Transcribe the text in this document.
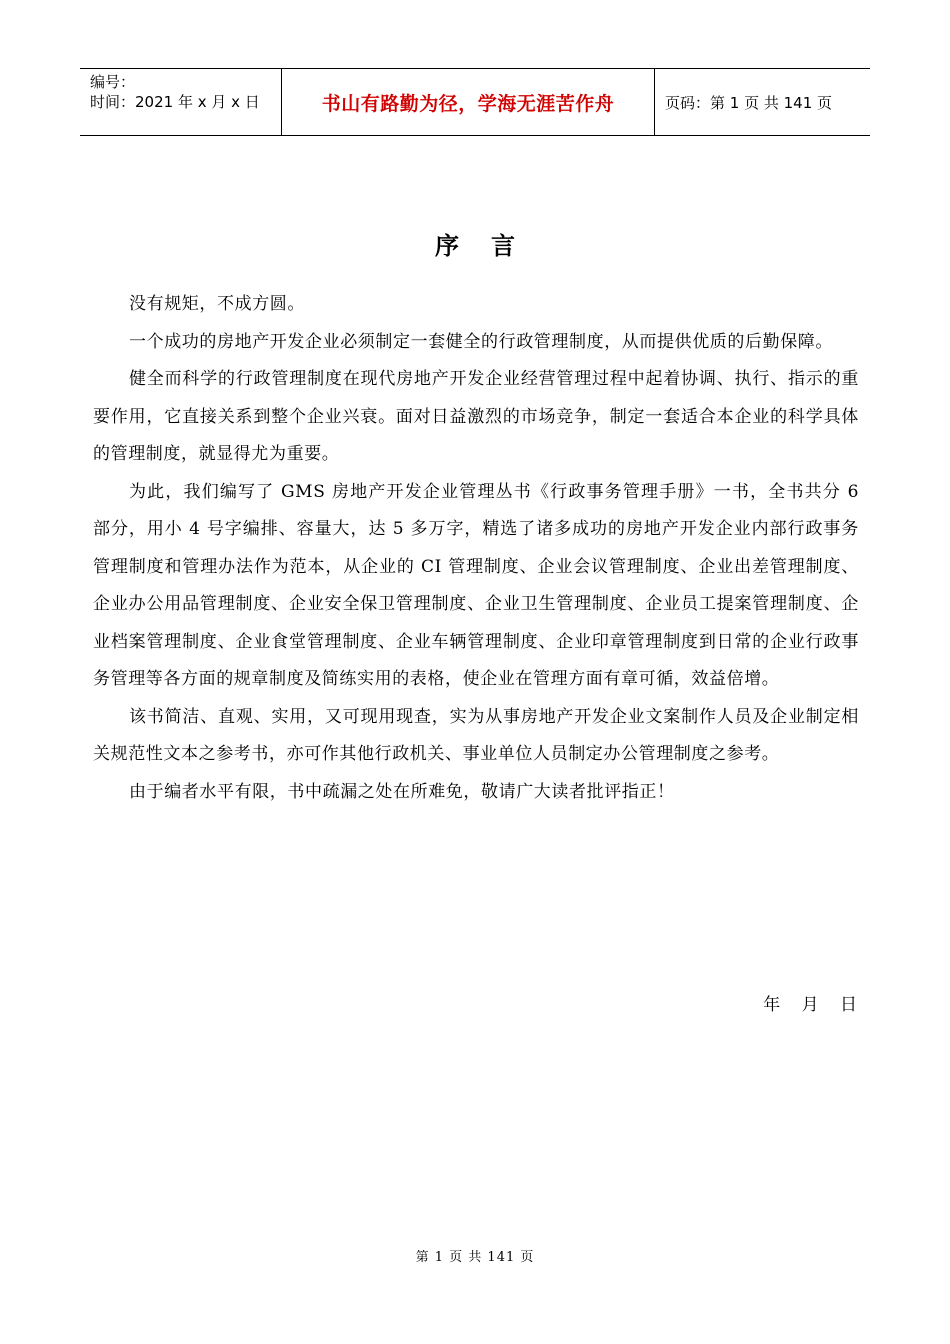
编号：
时间：2021 年 x 月 x 日	书山有路勤为径，学海无涯苦作舟	页码：第 1 页 共 141 页
序言

没有规矩，不成方圆。

一个成功的房地产开发企业必须制定一套健全的行政管理制度，从而提供优质的后勤保障。

健全而科学的行政管理制度在现代房地产开发企业经营管理过程中起着协调、执行、指示的重要作用，它直接关系到整个企业兴衰。面对日益激烈的市场竞争，制定一套适合本企业的科学具体的管理制度，就显得尤为重要。

为此，我们编写了 GMS 房地产开发企业管理丛书《行政事务管理手册》一书，全书共分 6 部分，用小 4 号字编排、容量大，达 5 多万字，精选了诸多成功的房地产开发企业内部行政事务管理制度和管理办法作为范本，从企业的 CI 管理制度、企业会议管理制度、企业出差管理制度、企业办公用品管理制度、企业安全保卫管理制度、企业卫生管理制度、企业员工提案管理制度、企业档案管理制度、企业食堂管理制度、企业车辆管理制度、企业印章管理制度到日常的企业行政事务管理等各方面的规章制度及简练实用的表格，使企业在管理方面有章可循，效益倍增。

该书简洁、直观、实用，又可现用现查，实为从事房地产开发企业文案制作人员及企业制定相关规范性文本之参考书，亦可作其他行政机关、事业单位人员制定办公管理制度之参考。

由于编者水平有限，书中疏漏之处在所难免，敬请广大读者批评指正！

年 月 日
第 1 页 共 141 页
